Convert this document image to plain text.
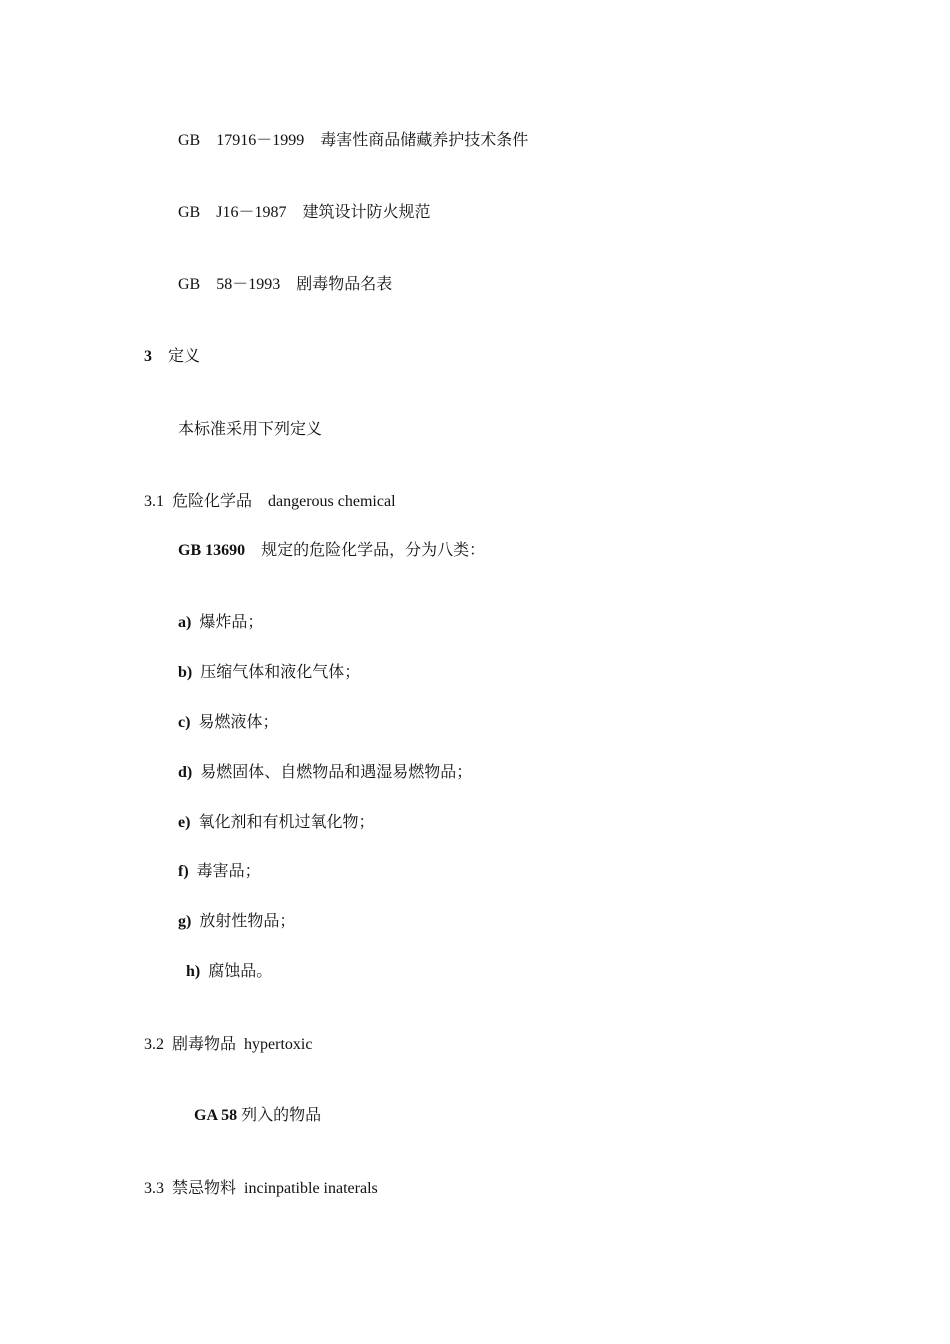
GB 17916－1999 毒害性商品储藏养护技术条件

GB J16－1987 建筑设计防火规范

GB 58－1993 剧毒物品名表

3 定义

本标准采用下列定义

3.1 危险化学品 dangerous chemical

GB 13690 规定的危险化学品，分为八类：

a) 爆炸品；

b) 压缩气体和液化气体；

c) 易燃液体；

d) 易燃固体、自燃物品和遇湿易燃物品；

e) 氧化剂和有机过氧化物；

f) 毒害品；

g) 放射性物品；

h) 腐蚀品。

3.2 剧毒物品 hypertoxic

GA 58 列入的物品

3.3 禁忌物料 incinpatible inaterals
